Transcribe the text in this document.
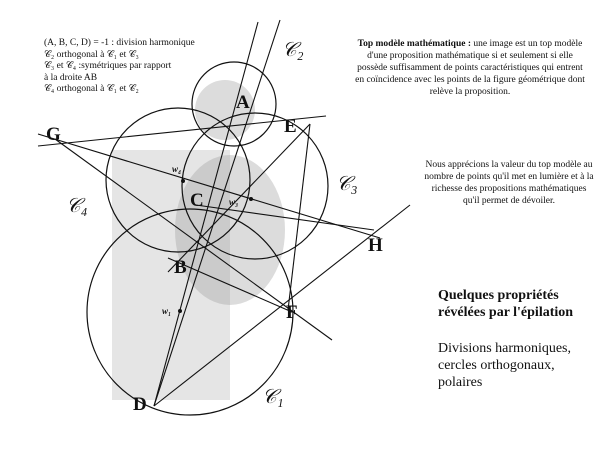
A
B
C
D
E
F
G
H
𝒞₁
𝒞₂
𝒞₃
𝒞₄
w₁
w₃
w₄
(A, B, C, D) = -1 : division harmonique
𝒞₂ orthogonal à 𝒞₁ et 𝒞₃
𝒞₃ et 𝒞₄ :symétriques par rapport
à la droite AB
𝒞₄ orthogonal à 𝒞₁ et 𝒞₂
Top modèle mathématique : une image est un top modèle d'une proposition mathématique si et seulement si elle possède suffisamment de points caractéristiques qui entrent en coïncidence avec les points de la figure géométrique dont relève la proposition.
Nous apprécions la valeur du top modèle au nombre de points qu'il met en lumière et à la richesse des propositions mathématiques qu'il permet de dévoiler.
Quelques propriétés révélées par l'épilation
Divisions harmoniques, cercles orthogonaux, polaires
